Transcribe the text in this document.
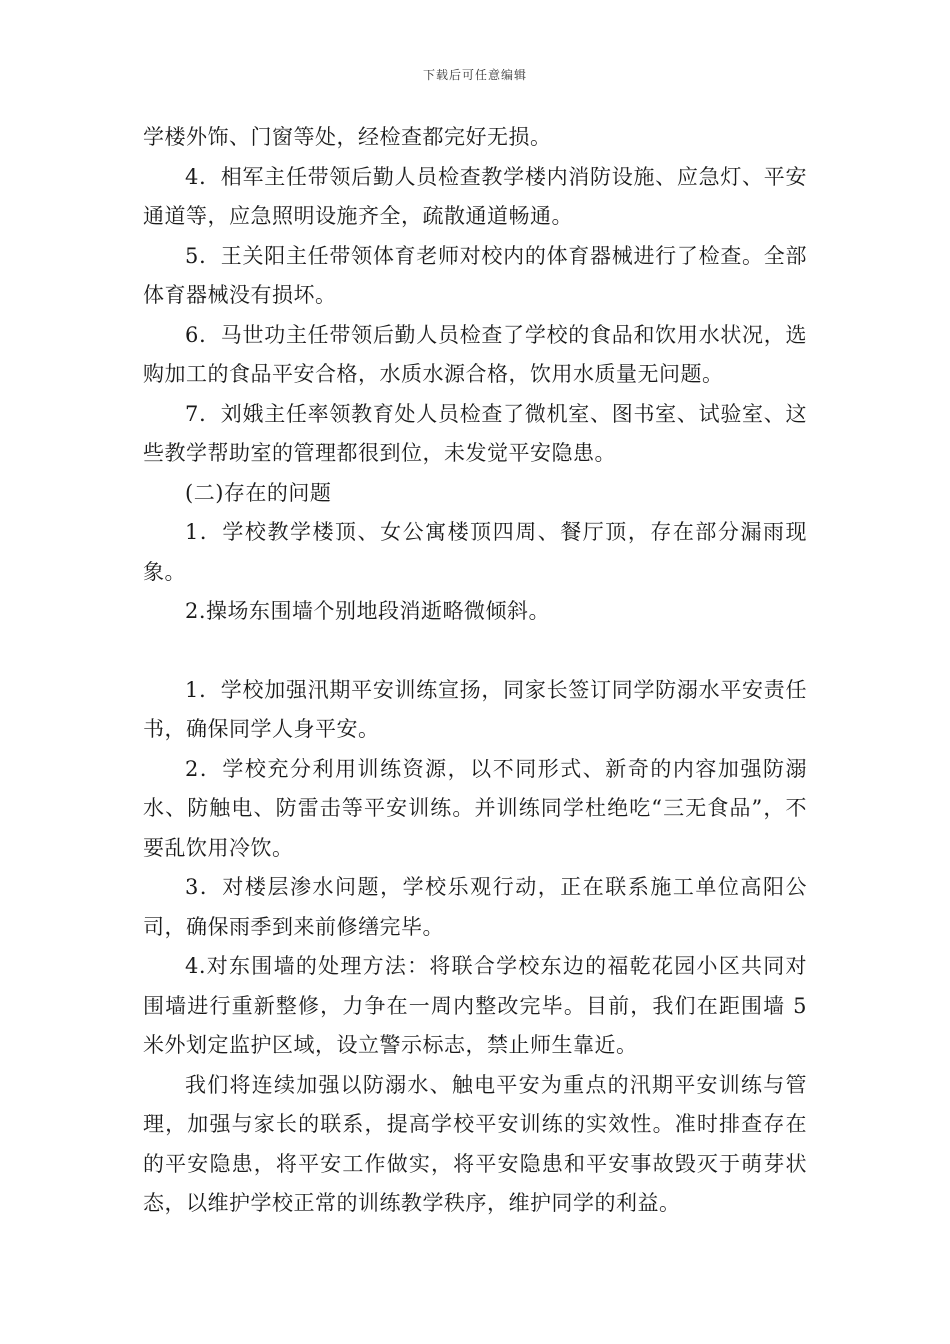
下载后可任意编辑

学楼外饰、门窗等处，经检查都完好无损。

4．相军主任带领后勤人员检查教学楼内消防设施、应急灯、平安通道等，应急照明设施齐全，疏散通道畅通。

5．王关阳主任带领体育老师对校内的体育器械进行了检查。全部体育器械没有损坏。

6．马世功主任带领后勤人员检查了学校的食品和饮用水状况，选购加工的食品平安合格，水质水源合格，饮用水质量无问题。

7．刘娥主任率领教育处人员检查了微机室、图书室、试验室、这些教学帮助室的管理都很到位，未发觉平安隐患。

(二)存在的问题

1．学校教学楼顶、女公寓楼顶四周、餐厅顶，存在部分漏雨现象。

2.操场东围墙个别地段消逝略微倾斜。

1．学校加强汛期平安训练宣扬，同家长签订同学防溺水平安责任书，确保同学人身平安。

2．学校充分利用训练资源，以不同形式、新奇的内容加强防溺水、防触电、防雷击等平安训练。并训练同学杜绝吃“三无食品”，不要乱饮用冷饮。

3．对楼层渗水问题，学校乐观行动，正在联系施工单位高阳公司，确保雨季到来前修缮完毕。

4.对东围墙的处理方法：将联合学校东边的福乾花园小区共同对围墙进行重新整修，力争在一周内整改完毕。目前，我们在距围墙 5 米外划定监护区域，设立警示标志，禁止师生靠近。

我们将连续加强以防溺水、触电平安为重点的汛期平安训练与管理，加强与家长的联系，提高学校平安训练的实效性。准时排查存在的平安隐患，将平安工作做实，将平安隐患和平安事故毁灭于萌芽状态，以维护学校正常的训练教学秩序，维护同学的利益。
